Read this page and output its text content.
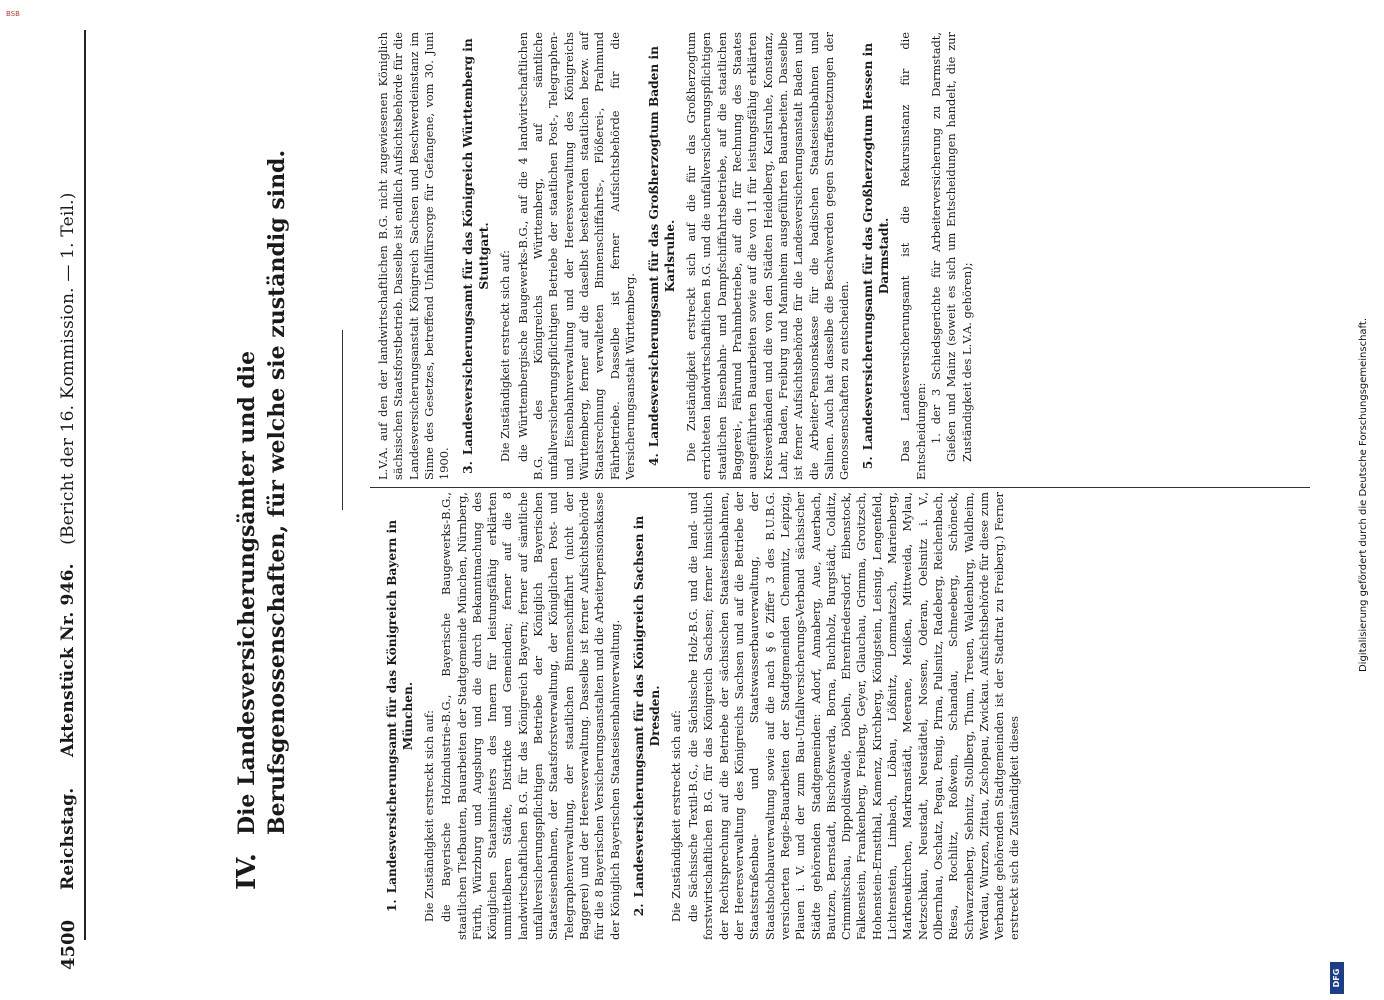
4500
Reichstag.     Aktenstück Nr. 946.   (Bericht der 16. Kommission. — 1. Teil.)
IV.
Die Landesversicherungsämter und die Berufsgenossenschaften, für welche sie zuständig sind.
1.Landesversicherungsamt für das Königreich Bayern in München. Die Zuständigkeit erstreckt sich auf: die Bayerische Holzindustrie-B.G., Bayerische Baugewerks-B.G., staatlichen Tiefbauten, Bauarbeiten der Stadtgemeinde München, Nürnberg, Fürth, Würzburg und Augsburg und die durch Bekanntmachung des Königlichen Staatsministers des Innern für leistungsfähig erklärten unmittelbaren Städte, Distrikte und Gemeinden; ferner auf die 8 landwirtschaftlichen B.G. für das Königreich Bayern; ferner auf sämtliche unfallversicherungspflichtigen Betriebe der Königlich Bayerischen Staatseisenbahnen, der Staatsforstverwaltung, der Königlichen Post- und Telegraphenverwaltung, der staatlichen Binnenschiffahrt (nicht der Baggerei) und der Heeresverwaltung. Dasselbe ist ferner Aufsichtsbehörde für die 8 Bayerischen Versicherungsanstalten und die Arbeiterpensionskasse der Königlich Bayerischen Staatseisenbahnverwaltung. 2.Landesversicherungsamt für das Königreich Sachsen in Dresden. Die Zuständigkeit erstreckt sich auf: die Sächsische Textil-B.G., die Sächsische Holz-B.G. und die land- und forstwirtschaftlichen B.G. für das Königreich Sachsen; ferner hinsichtlich der Rechtsprechung auf die Betriebe der sächsischen Staatseisenbahnen, der Heeresverwaltung des Königreichs Sachsen und auf die Betriebe der Staatsstraßenbau- und Staatswasserbauverwaltung, der Staatshochbauverwaltung sowie auf die nach § 6 Ziffer 3 des B.U.B.G. versicherten Regie-Bauarbeiten der Stadtgemeinden Chemnitz, Leipzig, Plauen i. V. und der zum Bau-Unfallversicherungs-Verband sächsischer Städte gehörenden Stadtgemeinden: Adorf, Annaberg, Aue, Auerbach, Bautzen, Bernstadt, Bischofswerda, Borna, Buchholz, Burgstädt, Colditz, Crimmitschau, Dippoldiswalde, Döbeln, Ehrenfriedersdorf, Eibenstock, Falkenstein, Frankenberg, Freiberg, Geyer, Glauchau, Grimma, Groitzsch, Hohenstein-Ernstthal, Kamenz, Kirchberg, Königstein, Leisnig, Lengenfeld, Lichtenstein, Limbach, Löbau, Lößnitz, Lommatzsch, Marienberg, Markneukirchen, Markranstädt, Meerane, Meißen, Mittweida, Mylau, Netzschkau, Neustadt, Neustädtel, Nossen, Oderan, Oelsnitz i. V., Olbernhau, Oschatz, Pegau, Penig, Pirna, Pulsnitz, Radeberg, Reichenbach, Riesa, Rochlitz, Roßwein, Schandau, Schneeberg, Schöneck, Schwarzenberg, Sebnitz, Stollberg, Thum, Treuen, Waldenburg, Waldheim, Werdau, Wurzen, Zittau, Zschopau, Zwickau. Aufsichtsbehörde für diese zum Verbande gehörenden Stadtgemeinden ist der Stadtrat zu Freiberg.) Ferner erstreckt sich die Zuständigkeit dieses

L.V.A. auf den der landwirtschaftlichen B.G. nicht zugewiesenen Königlich sächsischen Staatsforstbetrieb. Dasselbe ist endlich Aufsichtsbehörde für die Landesversicherungsanstalt Königreich Sachsen und Beschwerdeinstanz im Sinne des Gesetzes, betreffend Unfallfürsorge für Gefangene, vom 30. Juni 1900. 3.Landesversicherungsamt für das Königreich Württemberg in Stuttgart. Die Zuständigkeit erstreckt sich auf: die Württembergische Baugewerks-B.G., auf die 4 landwirtschaftlichen B.G. des Königreichs Württemberg, auf sämtliche unfallversicherungspflichtigen Betriebe der staatlichen Post-, Telegraphen- und Eisenbahnverwaltung und der Heeresverwaltung des Königreichs Württemberg, ferner auf die daselbst bestehenden staatlichen bezw. auf Staatsrechnung verwalteten Binnenschiffahrts-, Flößerei-, Prahmund Fährbetriebe. Dasselbe ist ferner Aufsichtsbehörde für die Versicherungsanstalt Württemberg. 4.Landesversicherungsamt für das Großherzogtum Baden in Karlsruhe. Die Zuständigkeit erstreckt sich auf die für das Großherzogtum errichteten landwirtschaftlichen B.G. und die unfallversicherungspflichtigen staatlichen Eisenbahn- und Dampfschiffahrtsbetriebe, auf die staatlichen Baggerei-, Fährund Prahmbetriebe, auf die für Rechnung des Staates ausgeführten Bauarbeiten sowie auf die von 11 für leistungsfähig erklärten Kreisverbänden und die von den Städten Heidelberg, Karlsruhe, Konstanz, Lahr, Baden, Freiburg und Mannheim ausgeführten Bauarbeiten. Dasselbe ist ferner Aufsichtsbehörde für die Landesversicherungsanstalt Baden und die Arbeiter-Pensionskasse für die badischen Staatseisenbahnen und Salinen. Auch hat dasselbe die Beschwerden gegen Straffestsetzungen der Genossenschaften zu entscheiden. 5.Landesversicherungsamt für das Großherzogtum Hessen in Darmstadt. Das Landesversicherungsamt ist die Rekursinstanz für die Entscheidungen: 1. der 3 Schiedsgerichte für Arbeiterversicherung zu Darmstadt, Gießen und Mainz (soweit es sich um Entscheidungen handelt, die zur Zuständigkeit des L.V.A. gehören);

DFG
Digitalisierung gefördert durch die Deutsche Forschungsgemeinschaft.
BSB
